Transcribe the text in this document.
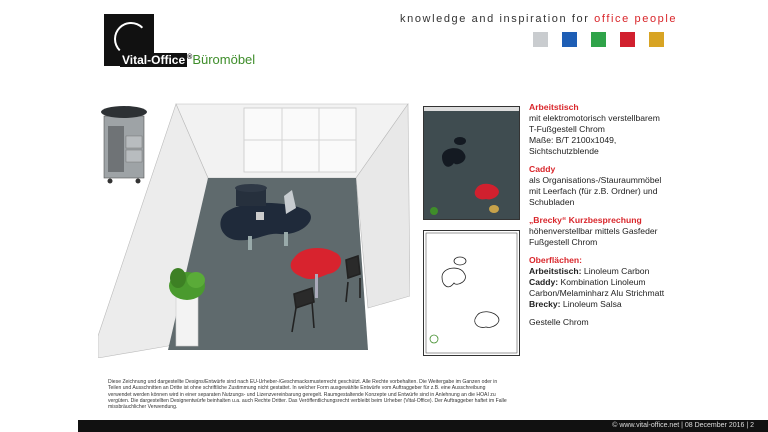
Vital-Office ®Büromöbel
knowledge and inspiration for office people
Arbeitstisch
mit elektromotorisch verstellbarem
T-Fußgestell Chrom
Maße: B/T 2100x1049,
Sichtschutzblende
Caddy
als Organisations-/Stauraummöbel
mit Leerfach (für z.B. Ordner) und
Schubladen
„Brecky“ Kurzbesprechung
höhenverstellbar mittels Gasfeder
Fußgestell Chrom
Oberflächen:
Arbeitstisch: Linoleum Carbon
Caddy: Kombination Linoleum
Carbon/Melaminharz Alu Strichmatt
Brecky: Linoleum Salsa
Gestelle Chrom
Diese Zeichnung und dargestellte Designs/Entwürfe sind nach EU-Urheber-/Geschmacksmusterrecht geschützt. Alle Rechte vorbehalten. Die Weitergabe im Ganzen oder in Teilen und Ausschnitten an Dritte ist ohne schriftliche Zustimmung nicht gestattet. In welcher Form ausgewählte Entwürfe vom Auftraggeber für z.B. eine Ausschreibung verwendet werden können wird in einer separaten Nutzungs- und Lizenzvereinbarung geregelt. Raumgestaltende Konzepte und Entwürfe sind in Anlehnung an die HOAI zu vergüten. Die dargestellten Designentwürfe beinhalten u.a. auch Rechte Dritter. Das Veröffentlichungsrecht verbleibt beim Urheber (Vital-Office). Der Auftraggeber haftet im Falle missbräuchlicher Verwendung.
© www.vital-office.net | 08 December 2016 | 2
